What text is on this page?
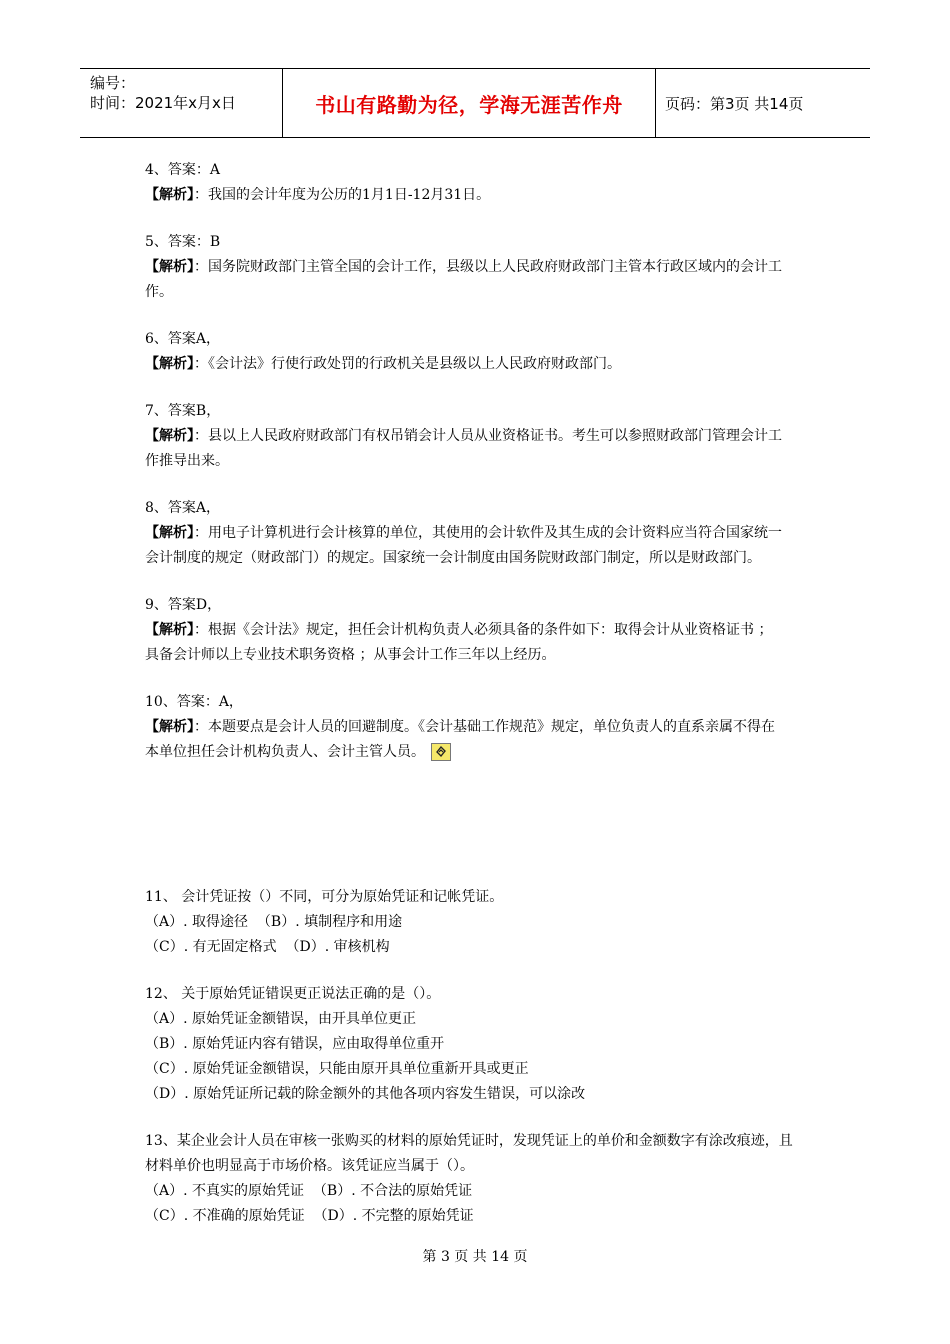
编号：
时间：2021年x月x日	书山有路勤为径，学海无涯苦作舟	页码：第3页 共14页
4、答案：A
【解析】：我国的会计年度为公历的1月1日-12月31日。
5、答案：B
【解析】：国务院财政部门主管全国的会计工作，县级以上人民政府财政部门主管本行政区域内的会计工
作。
6、答案A，
【解析】：《会计法》行使行政处罚的行政机关是县级以上人民政府财政部门。
7、答案B，
【解析】：县以上人民政府财政部门有权吊销会计人员从业资格证书。考生可以参照财政部门管理会计工
作推导出来。
8、答案A，
【解析】：用电子计算机进行会计核算的单位，其使用的会计软件及其生成的会计资料应当符合国家统一
会计制度的规定（财政部门）的规定。国家统一会计制度由国务院财政部门制定，所以是财政部门。
9、答案D，
【解析】：根据《会计法》规定，担任会计机构负责人必须具备的条件如下：取得会计从业资格证书 ；
具备会计师以上专业技术职务资格 ；从事会计工作三年以上经历。
10、答案：A，
【解析】：本题要点是会计人员的回避制度。《会计基础工作规范》规定，单位负责人的直系亲属不得在
本单位担任会计机构负责人、会计主管人员。
11、 会计凭证按（）不同，可分为原始凭证和记帐凭证。
（A）. 取得途径  （B）. 填制程序和用途
（C）. 有无固定格式  （D）. 审核机构
12、 关于原始凭证错误更正说法正确的是（）。
（A）. 原始凭证金额错误，由开具单位更正
（B）. 原始凭证内容有错误，应由取得单位重开
（C）. 原始凭证金额错误，只能由原开具单位重新开具或更正
（D）. 原始凭证所记载的除金额外的其他各项内容发生错误，可以涂改
13、某企业会计人员在审核一张购买的材料的原始凭证时，发现凭证上的单价和金额数字有涂改痕迹，且
材料单价也明显高于市场价格。该凭证应当属于（）。
（A）. 不真实的原始凭证  （B）. 不合法的原始凭证
（C）. 不准确的原始凭证  （D）. 不完整的原始凭证
第 3 页 共 14 页
